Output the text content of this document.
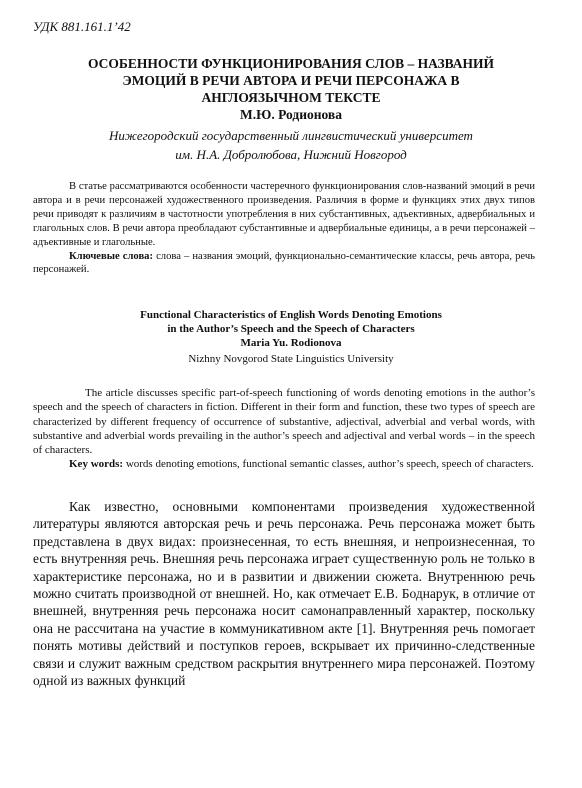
УДК 881.161.1’42
ОСОБЕННОСТИ ФУНКЦИОНИРОВАНИЯ СЛОВ – НАЗВАНИЙ
ЭМОЦИЙ В РЕЧИ АВТОРА И РЕЧИ ПЕРСОНАЖА В
АНГЛОЯЗЫЧНОМ ТЕКСТЕ
М.Ю. Родионова
Нижегородский государственный лингвистический университет
им. Н.А. Добролюбова, Нижний Новгород

В статье рассматриваются особенности частеречного функционирования слов-названий эмоций в речи автора и в речи персонажей художественного произведения. Различия в форме и функциях этих двух типов речи приводят к различиям в частотности употребления в них субстантивных, адъективных, адвербиальных и глагольных слов. В речи автора преобладают субстантивные и адвербиальные единицы, а в речи персонажей – адъективные и глагольные.

Ключевые слова: слова – названия эмоций, функционально-семантические классы, речь автора, речь персонажей.

Functional Characteristics of English Words Denoting Emotions
in the Author’s Speech and the Speech of Characters
Maria Yu. Rodionova
Nizhny Novgorod State Linguistics University

The article discusses specific part-of-speech functioning of words denoting emotions in the author’s speech and the speech of characters in fiction. Different in their form and function, these two types of speech are characterized by different frequency of occurrence of substantive, adjectival, adverbial and verbal words, with substantive and adverbial words prevailing in the author’s speech and adjectival and verbal words – in the speech of characters.

Key words: words denoting emotions, functional semantic classes, author’s speech, speech of characters.

Как известно, основными компонентами произведения художественной литературы являются авторская речь и речь персонажа. Речь персонажа может быть представлена в двух видах: произнесенная, то есть внешняя, и непроизнесенная, то есть внутренняя речь. Внешняя речь персонажа играет существенную роль не только в характеристике персонажа, но и в развитии и движении сюжета. Внутреннюю речь можно считать производной от внешней. Но, как отмечает Е.В. Боднарук, в отличие от внешней, внутренняя речь персонажа носит самонаправленный характер, поскольку она не рассчитана на участие в коммуникативном акте [1]. Внутренняя речь помогает понять мотивы действий и поступков героев, вскрывает их причинно-следственные связи и служит важным средством раскрытия внутреннего мира персонажей. Поэтому одной из важных функций
